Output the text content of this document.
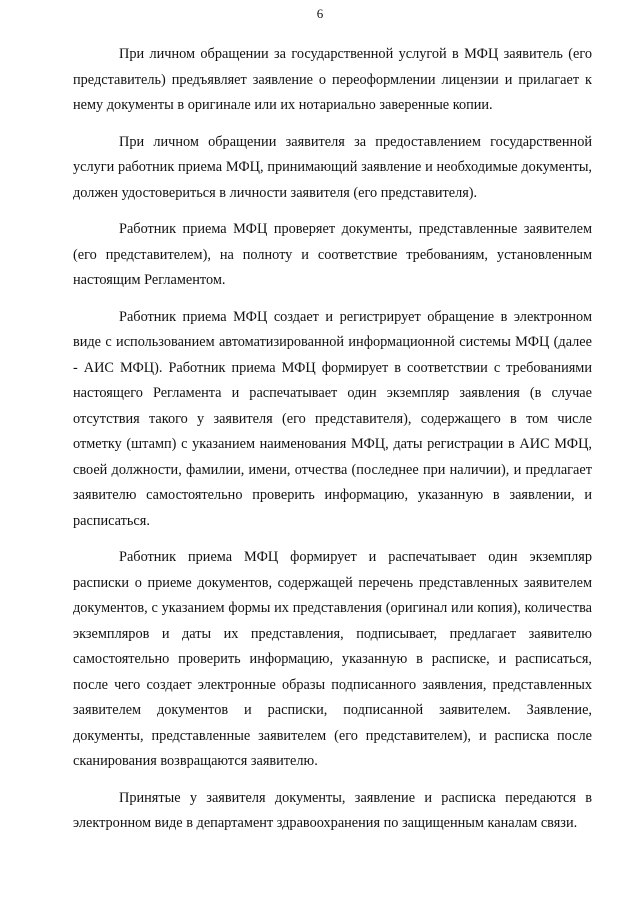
6

При личном обращении за государственной услугой в МФЦ заявитель (его представитель) предъявляет заявление о переоформлении лицензии и прилагает к нему документы в оригинале или их нотариально заверенные копии.

При личном обращении заявителя за предоставлением государственной услуги работник приема МФЦ, принимающий заявление и необходимые документы, должен удостовериться в личности заявителя (его представителя).

Работник приема МФЦ проверяет документы, представленные заявителем (его представителем), на полноту и соответствие требованиям, установленным настоящим Регламентом.

Работник приема МФЦ создает и регистрирует обращение в электронном виде с использованием автоматизированной информационной системы МФЦ (далее - АИС МФЦ). Работник приема МФЦ формирует в соответствии с требованиями настоящего Регламента и распечатывает один экземпляр заявления (в случае отсутствия такого у заявителя (его представителя), содержащего в том числе отметку (штамп) с указанием наименования МФЦ, даты регистрации в АИС МФЦ, своей должности, фамилии, имени, отчества (последнее при наличии), и предлагает заявителю самостоятельно проверить информацию, указанную в заявлении, и расписаться.

Работник приема МФЦ формирует и распечатывает один экземпляр расписки о приеме документов, содержащей перечень представленных заявителем документов, с указанием формы их представления (оригинал или копия), количества экземпляров и даты их представления, подписывает, предлагает заявителю самостоятельно проверить информацию, указанную в расписке, и расписаться, после чего создает электронные образы подписанного заявления, представленных заявителем документов и расписки, подписанной заявителем. Заявление, документы, представленные заявителем (его представителем), и расписка после сканирования возвращаются заявителю.

Принятые у заявителя документы, заявление и расписка передаются в электронном виде в департамент здравоохранения по защищенным каналам связи.
